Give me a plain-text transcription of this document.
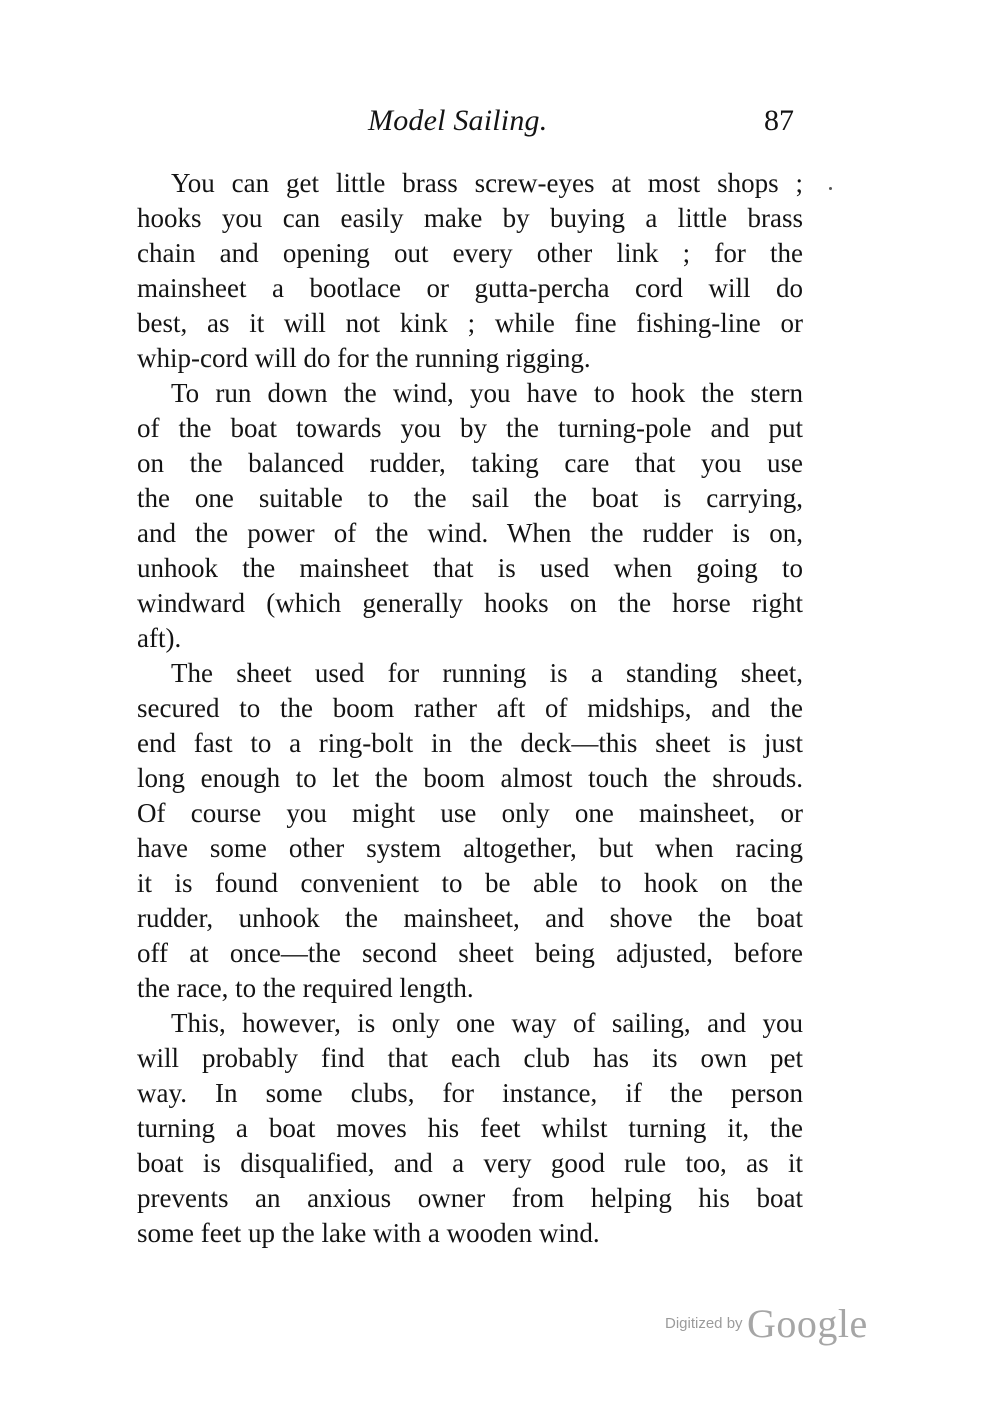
Model Sailing.	87
You can get little brass screw-eyes at most shops ;
hooks you can easily make by buying a little brass
chain and opening out every other link ; for the
mainsheet a bootlace or gutta-percha cord will do
best, as it will not kink ; while fine fishing-line or
whip-cord will do for the running rigging.
To run down the wind, you have to hook the stern
of the boat towards you by the turning-pole and put
on the balanced rudder, taking care that you use
the one suitable to the sail the boat is carrying,
and the power of the wind. When the rudder is on,
unhook the mainsheet that is used when going to
windward (which generally hooks on the horse right
aft).
The sheet used for running is a standing sheet,
secured to the boom rather aft of midships, and the
end fast to a ring-bolt in the deck—this sheet is just
long enough to let the boom almost touch the shrouds.
Of course you might use only one mainsheet, or
have some other system altogether, but when racing
it is found convenient to be able to hook on the
rudder, unhook the mainsheet, and shove the boat
off at once—the second sheet being adjusted, before
the race, to the required length.
This, however, is only one way of sailing, and you
will probably find that each club has its own pet
way. In some clubs, for instance, if the person
turning a boat moves his feet whilst turning it, the
boat is disqualified, and a very good rule too, as it
prevents an anxious owner from helping his boat
some feet up the lake with a wooden wind.
Digitized by Google
